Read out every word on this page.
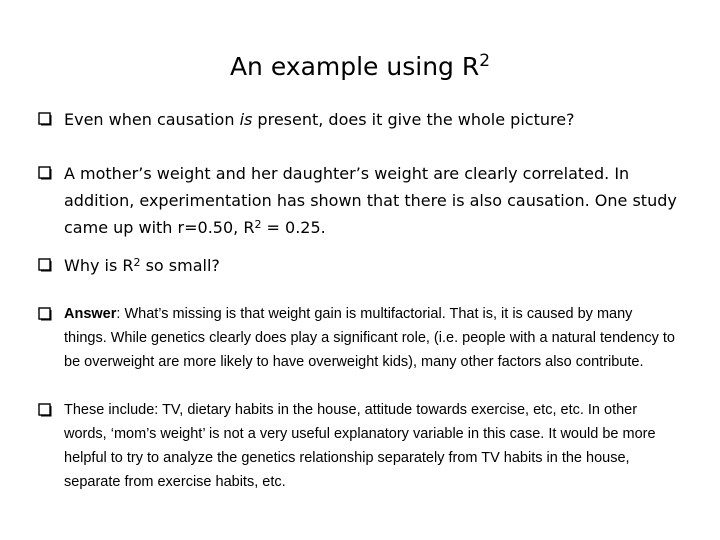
An example using $R^2$
Even when causation is present, does it give the whole picture?
A mother’s weight and her daughter’s weight are clearly correlated. In addition, experimentation has shown that there is also causation. One study came up with r=0.50, $R^2 = 0.25$.
Why is $R^2$ so small?
Answer: What’s missing is that weight gain is multifactorial. That is, it is caused by many things. While genetics clearly does play a significant role, (i.e. people with a natural tendency to be overweight are more likely to have overweight kids), many other factors also contribute.
These include: TV, dietary habits in the house, attitude towards exercise, etc, etc. In other words, ‘mom’s weight’ is not a very useful explanatory variable in this case. It would be more helpful to try to analyze the genetics relationship separately from TV habits in the house, separate from exercise habits, etc.
